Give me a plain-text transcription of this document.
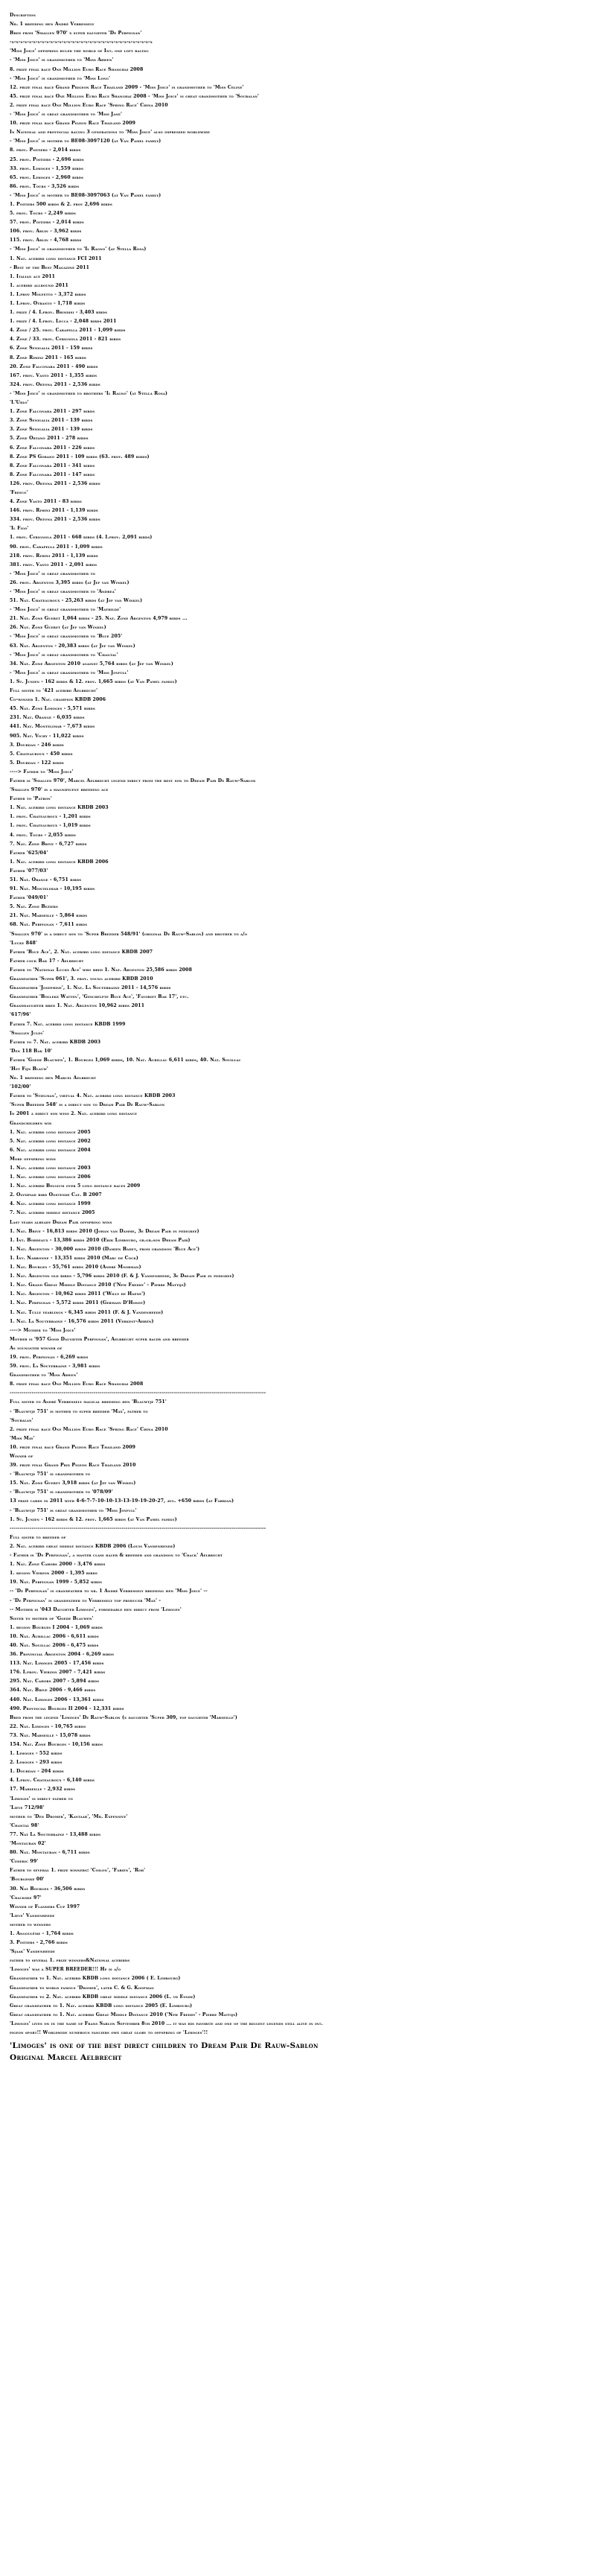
Description
Nr. 1 breeding hen André Verbessely
Bred from 'Smallen 970' x super daughter 'De Perpignan'
-x-x-x-x-x-x-x-x-x-x-x-x-x-x-x-x-x-x-x-x-x-x-x-x-x-x-x-x-x-x-x-x-x
'Miss Joice' offspring ruled the world of Int. one loft racing
- 'Miss Joice' is grandmother to 'Miss Arwen'
8. prize final race One Million Euro Race Shanghai 2008
- 'Miss Joice' is grandmother to 'Miss Long'
12. prize final race Grand Prigeon Race Thailand 2009 - 'Miss Joice' is grandmother to 'Miss Celine'
45. prize final race One Million Euro Race Shanghai 2008 - 'Miss Joice' is great grandmother to 'Soubalan'
2. prize final race One Million Euro Race 'Spring Race' China 2010
- 'Miss Joice' is great grandmother to 'Miss Jane'
10. prize final race Grand Pigeon Race Thailand 2009
In National and provincial racing 3 generations to 'Miss Joice' also impressed worldwide
- 'Miss Joice' is mother to BE08-3097120 (at Van Pamel family)
8. prov. Poitiers - 2,014 birds
25. prov. Poitiers - 2,696 birds
33. prov. Limoges - 1,559 birds
65. prov. Limoges - 2,960 birds
86. prov. Tours - 3,526 birds
- 'Miss Joice' is mother to BE08-3097063 (at Van Pamel family)
1. Poitiers 500 birds & 2. prov 2,696 birds
5. prov. Tours - 2,249 birds
57. prov. Poitiers - 2,014 birds
106. prov. Arlin - 3,962 birds
115. prov. Arlin - 4,768 birds
- 'Miss Joice' is grandmother to 'Il Ragno' (at Stella Rosa)
1. Nat. acebird long distance FCI 2011
- Best of the Best Magazine 2011
1. Italian ace 2011
1. acebird allround 2011
1. I.prov Molfetto - 3,372 birds
1. I.prov. Otranto - 1,718 birds
1. prize / 4. I.prov. Brindisi - 3,403 birds
1. prize / 4. I.prov. Lecca - 2,048 birds 2011
4. Zone / 25. prov. Carapella 2011 - 1,099 birds
4. Zone / 33. prov. Cerignola 2011 - 821 birds
6. Zone Senigalia 2011 - 159 birds
8. Zone Rimini 2011 - 165 birds
20. Zone Falconara 2011 - 490 birds
167. prov. Vasto 2011 - 1,355 birds
324. prov. Ortona 2011 - 2,536 birds
- 'Miss Joice' is grandmother to brothers 'Il Ragno' (at Stella Rosa)
'L'Urlo'
1. Zone Falconara 2011 - 297 birds
3. Zone Senigalia 2011 - 139 birds
3. Zone Senigalia 2011 - 139 birds
5. Zone Ortano 2011 - 278 birds
6. Zone Falconara 2011 - 226 birds
8. Zone PS Gorano 2011 - 109 birds (63. prov. 489 birds)
8. Zone Falconara 2011 - 341 birds
8. Zone Falconara 2011 - 147 birds
126. prov. Ortona 2011 - 2,536 birds
'Fresco'
4. Zone Vasto 2011 - 83 birds
146. prov. Rimini 2011 - 1,139 birds
334. prov. Ortona 2011 - 2,536 birds
'Il Figo'
1. prov. Cerignola 2011 - 668 birds (4. I.prov. 2,091 birds)
90. prov. Carapella 2011 - 1,099 birds
218. prov. Rimini 2011 - 1,139 birds
381. prov. Vasto 2011 - 2,091 birds
- 'Miss Joice' is great grandmother to
26. prov. Argenton 3,395 birds (at Jef van Winkel)
- 'Miss Joice' is great grandmother to 'Andrea'
51. Nat. Chateauroux - 25,263 birds (at Jef van Winkel)
- 'Miss Joice' is great grandmother to 'Mathilde'
21. Nat. Zone Gueret 1,064 birds - 25. Nat. Zone Argenton 4,979 birds ...
26. Nat. Zone Gueret (at Jef van Winkel)
- 'Miss Joice' is great grandmother to 'Blue 205'
63. Nat. Argenton - 20,383 birds (at Jef van Winkel)
- 'Miss Joice' is great grandmother to 'Chantal'
34. Nat. Zone Argenton 2010 against 5,764 birds (at Jef van Winkel)
- 'Miss Joice' is great grandmother to 'Miss Joyfull'
1. St. Junien - 162 birds & 12. prov. 1,665 birds (at Van Pamel family)
Full sister to '421 acebird Aelbrecht'
Co-winner 1. Nat. champion KBDB 2006
45. Nat. Zone Limoges - 5,571 birds
231. Nat. Orange - 6,035 birds
441. Nat. Montelimar - 7,673 birds
905. Nat. Vichy - 11,022 birds
3. Dourdan - 246 birds
5. Chateauroux - 450 birds
5. Dourdan - 122 birds
----> Father to 'Miss Joice'
Father is 'Smallen 970', Marcel Aelbrecht legend direct from the best son to Dream Pair De Rauw-Sablon
'Smallen 970' is a magnificent breeding ace
Father to 'Patron'
1. Nat. acebird long distance KBDB 2003
1. prov. Chateauroux - 1,201 birds
1. prov. Chateauroux - 1,019 birds
4. prov. Tours - 2,055 birds
7. Nat. Zone Brive - 6,727 birds
Father '625/04'
1. Nat. acebird long distance KBDB 2006
Father '077/03'
51. Nat. Orange - 6,751 birds
91. Nat. Montelimar - 10,195 birds
Father '049/01'
5. Nat. Zone Beziers
21. Nat. Marseille - 5,864 birds
68. Nat. Perpignan - 7,611 birds
'Smallen 970' is a direct son to 'Super Breeder 548/91' (original De Rauw-Sablon) and brother to a/o
'Lucky 848'
Father 'Blue Ace', 2. Nat. acebird long distance KBDB 2007
Father cock Bak 17 - Aelbrecht
Father to 'National Lucky Ace' who bred 1. Nat. Argenton 25,586 birds 2008
Grandfather 'Super 061', 3. prov. young acebird KBDB 2010
Grandfather 'Josephine', 1. Nat. La Souterraine 2011 - 14,576 birds
Grandfather 'Bolleke Watten', 'Geschelpte Blue Ace', 'Favoriet Bak 17', etc.
Granddaughter bred 1. Nat. Argenton 10,962 birds 2011
'617/96'
Father 7. Nat. acebird long distance KBDB 1999
'Smallen Jules'
Father to 7. Nat. acebird KBDB 2003
'Den 118 Bak 10'
Father 'Goede Blauwen', 1. Bourges 1,069 birds, 10. Nat. Aurillac 6,611 birds, 40. Nat. Souillac
'Het Fijn Blauw'
Nr. 1 breeding hen Marcel Aelbrecht
'102/00'
Father to 'Stielman', virtual 4. Nat. acebird long distance KBDB 2003
'Super Breeder 548' is a direct son to Dream Pair De Rauw-Sablon
In 2001 a direct son wins 2. Nat. acebird long distance
Grandchildren win
1. Nat. acebird long distance 2005
5. Nat. acebird long distance 2002
6. Nat. acebird long distance 2004
More offspring wins
1. Nat. acebird long distance 2003
1. Nat. acebird long distance 2006
1. Nat. acebird Belgium over 5 long distance races 2009
2. Olympiad bird Oostende Cat. B 2007
4. Nat. acebird long distance 1999
7. Nat. acebird middle distance 2005
Last years already Dream Pair offspring wins
1. Nat. Brive - 16,813 birds 2010 (Johan van Damme, 3e Dream Pair in pedigree)
1. Int. Bordeaux - 13,386 birds 2010 (Erik Limbourg, gr.gr.son Dream Pair)
1. Nat. Argenton - 30,000 birds 2010 (Damien Badet, from grandson 'Blue Ace')
1. Int. Narbonne - 13,351 birds 2010 (Marc de Cock)
1. Nat. Bourges - 55,761 birds 2010 (André Moorman)
1. Nat. Argenton old birds - 5,796 birds 2010 (F. & J. Vandenheede, 3e Dream Pair in pedigree)
1. Nat. Grand Great Middle Distance 2010 ('New Freddy' - Pierre Mattijs)
1. Nat. Argenton - 10,962 birds 2011 ('Willy de Haene')
1. Nat. Perpignan - 5,572 birds 2011 (Germain D'Hondt)
1. Nat. Tulle yearlings - 6,345 birds 2011 (F. & J. Vandenheede)
1. Nat. La Souterraine - 16,576 birds 2011 (Verkest-Ahrén)
----> Mother to 'Miss Joice'
Mother is '957 Good Daughter Perpignan', Aelbrecht super racer and breeder
As youngster winner of
19. prov. Perpignan - 6,269 birds
59. prov. La Souterraine - 3,981 birds
Grandmother to 'Miss Arwen'
8. prize final race One Million Euro Race Shanghai 2008
--------------------------------------------------------------------------------------------------------------------------------
Full sister to André Verbessely magical breeding hen 'Blauwtje 751'
- 'Blauwtje 751' is mother to super breeder 'Max', father to
'Soubalan'
2. prize final race One Million Euro Race 'Spring Race' China 2010
'Miss May'
10. prize final race Grand Pigeon Race Thailand 2009
Winner of
39. prize final Grand Prix Pigeon Race Thailand 2010
- 'Blauwtje 751' is grandmother to
15. Nat. Zone Gueret 3,918 birds (at Jef van Winkel)
- 'Blauwtje 751' is grandmother to '078/09'
13 prize cards in 2011 with 4-6-7-7-10-10-13-13-19-19-20-27, avg. +650 birds (at Fabrian)
- 'Blauwtje 751' is great grandmother to 'Miss Joyfull'
1. St. Junien - 162 birds & 12. prov. 1,665 birds (at Van Pamel family)
--------------------------------------------------------------------------------------------------------------------------------
Full sister to breeder of
2. Nat. acebird great middle distance KBDB 2006 (Louis Vandenhende)
- Father is 'De Perpignan', a master class racer & breeder and grandson to 'Crack' Aelbrecht
1. Nat. Zone Cahors 2000 - 3,476 birds
1. region Vierzon 2000 - 1,395 birds
19. Nat. Perpignan 1999 - 5,852 birds
-- 'De Perpignan' is grandfather to nr. 1 André Verbessely breeding hen 'Miss Joice' --
- 'De Perpignan' is grandfather to Verbessely top producer 'Max' -
-- Mother is '043 Daughter Limoges', formidable hen direct from 'Limoges'
Sister to mother of 'Goede Blauwen'
1. region Bourges I 2004 - 1,069 birds
10. Nat. Aurillac 2006 - 6,611 birds
40. Nat. Souillac 2006 - 6,475 birds
36. Provincial Argenton 2004 - 6,269 birds
113. Nat. Limoges 2005 - 17,456 birds
176. I.prov. Vierzon 2007 - 7,421 birds
295. Nat. Cahors 2007 - 5,894 birds
364. Nat. Brive 2006 - 9,466 birds
440. Nat. Limoges 2006 - 13,361 birds
490. Provincial Bourges II 2004 - 12,331 birds
Bred from the legend 'Limoges' De Rauw-Sablon (x daughter 'Super 309, top daughter 'Marseille')
22. Nat. Limoges - 10,765 birds
73. Nat. Marseille - 15,078 birds
154. Nat. Zone Bourges - 10,156 birds
1. Limoges - 552 birds
2. Limoges - 293 birds
1. Dourdan - 204 birds
4. I.prov. Chateauroux - 6,140 birds
17. Marseille - 2,932 birds
'Limoges' is direct father to
'Lieve 712/98'
mother to 'Den Dromer', 'Kastaar', 'Mr. Expensive'
'Chantal 98'
77. Nat La Souterraine - 13,488 birds
'Montauban 02'
80. Nat. Montauban - 6,711 birds
'Cederic 99'
Father to several 1. prize winners: 'Coilon', 'Fabien', 'Rob'
'Bourgeske 00'
30. Nat Bourges - 36,506 birds
'Crackske 97'
Winner of Flanders Cup 1997
'Lieve' Vandenheede
mother to winners
1. Angoulême - 1,764 birds
3. Poitiers - 2,766 birds
'Sjaak' Vandenheede
father to several 1. prize winners&National acebirds
'Limoges' was a SUPER BREEDER!!! He is a/o
Grandfather to 1. Nat. acebird KBDB long distance 2006 ( E. Limbourg)
Grandfather to world famous 'Dromer', later C. & G. Koopman
Grandfather to 2. Nat. acebird KBDB great middle distance 2006 (L. vd Eynde)
Great grandfather to 1. Nat. acebird KBDB long distance 2005 (E. Limbourg)
Great grandfather to 1. Nat. acebird Great Middle Distance 2010 ('New Freddy' - Pierre Mattijs)
'Limoges' lives on in the name of Frans Sablon September 8th 2010 ... it was his favorite and one of the biggest legends still alive in int.
pigeon sport!! Worldwide numerous fanciers owe great glory to offspring of 'Limoges'!!
'Limoges' is one of the best direct children to Dream Pair De Rauw-Sablon
Original Marcel Aelbrecht
